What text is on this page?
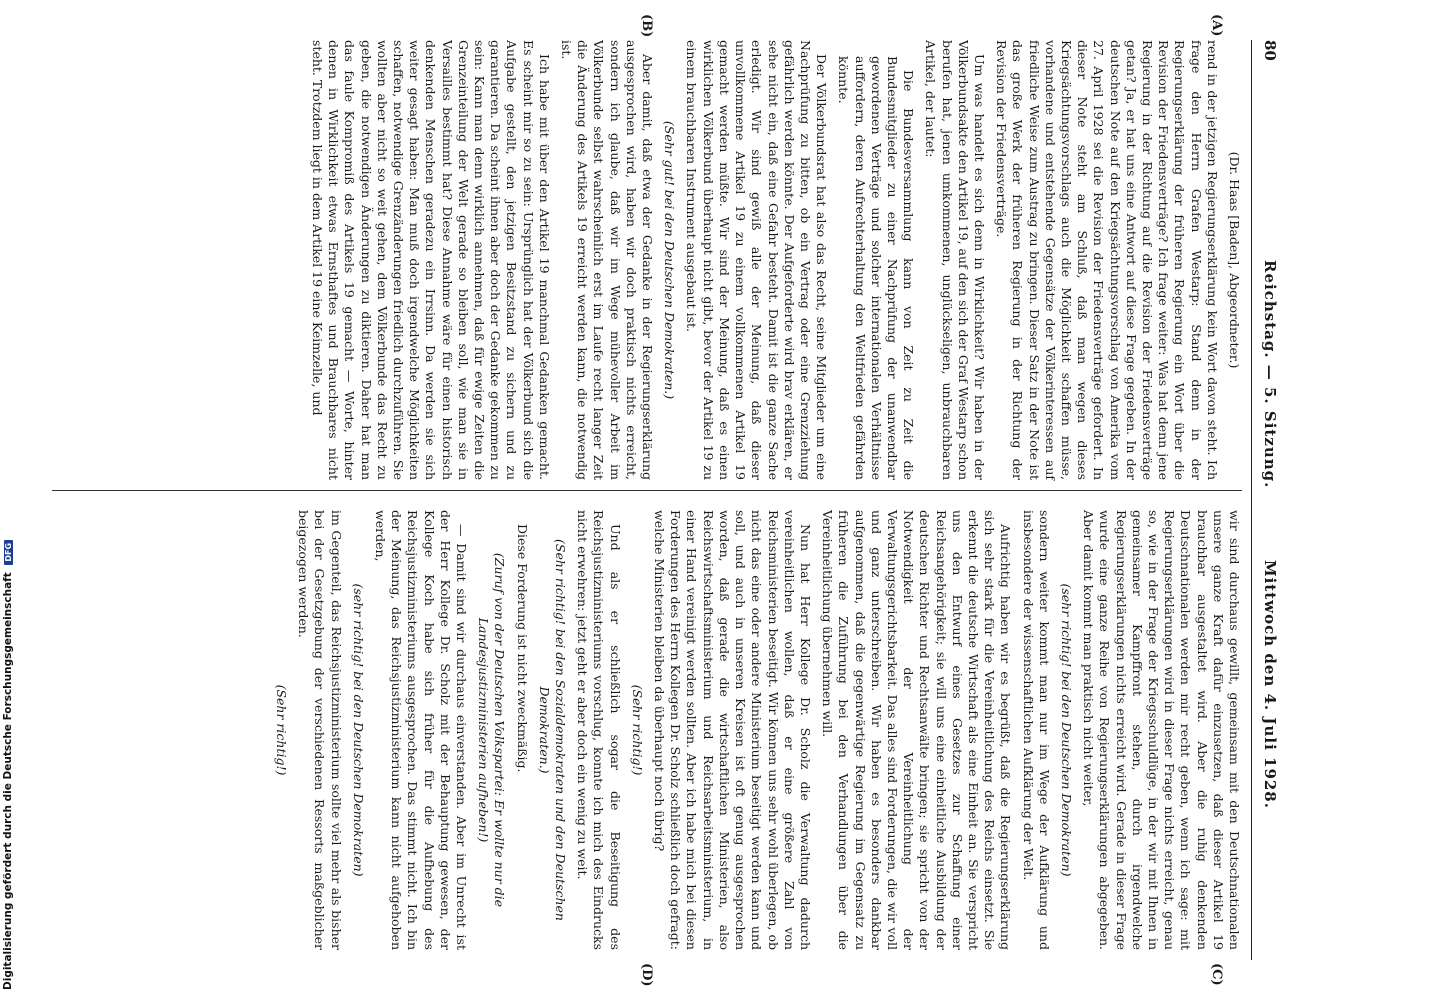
80
Reichstag. — 5. Sitzung.
Mittwoch den 4. Juli 1928.
(A)
(B)
(C)
(D)

(Dr. Haas [Baden], Abgeordneter.)

rend in der jetzigen Regierungserklärung kein Wort davon steht. Ich frage den Herrn Grafen Westarp: Stand denn in der Regierungserklärung der früheren Regierung ein Wort über die Revision der Friedensverträge? Ich frage weiter: Was hat denn jene Regierung in der Richtung auf die Revision der Friedensverträge getan? Ja, er hat uns eine Antwort auf diese Frage gegeben. In der deutschen Note auf den Kriegsächtungsvorschlag von Amerika vom 27. April 1928 sei die Revision der Friedensverträge gefordert. In dieser Note steht am Schluß, daß man wegen dieses Kriegsächtungsvorschlags auch die Möglichkeit schaffen müsse, vorhandene und entstehende Gegensätze der Völkerinteressen auf friedliche Weise zum Austrag zu bringen. Dieser Satz in der Note ist das große Werk der früheren Regierung in der Richtung der Revision der Friedensverträge.

Um was handelt es sich denn in Wirklichkeit? Wir haben in der Völkerbundsakte den Artikel 19, auf den sich der Graf Westarp schon berufen hat, jenen umkommenen, unglückseligen, unbrauchbaren Artikel, der lautet:

Die Bundesversammlung kann von Zeit zu Zeit die Bundesmitglieder zu einer Nachprüfung der unanwendbar gewordenen Verträge und solcher internationalen Verhältnisse auffordern, deren Aufrechterhaltung den Weltfrieden gefährden könnte.

Der Völkerbundsrat hat also das Recht, seine Mitglieder um eine Nachprüfung zu bitten, ob ein Vertrag oder eine Grenzziehung gefährlich werden könnte. Der Aufgeforderte wird brav erklären, er sehe nicht ein, daß eine Gefahr besteht. Damit ist die ganze Sache erledigt. Wir sind gewiß alle der Meinung, daß dieser unvollkommene Artikel 19 zu einem vollkommenen Artikel 19 gemacht werden müßte. Wir sind der Meinung, daß es einen wirklichen Völkerbund überhaupt nicht gibt, bevor der Artikel 19 zu einem brauchbaren Instrument ausgebaut ist.

(Sehr gut! bei den Deutschen Demokraten.)

Aber damit, daß etwa der Gedanke in der Regierungserklärung ausgesprochen wird, haben wir doch praktisch nichts erreicht, sondern ich glaube, daß wir im Wege mühevoller Arbeit im Völkerbunde selbst wahrscheinlich erst im Laufe recht langer Zeit die Änderung des Artikels 19 erreicht werden kann, die notwendig ist.

Ich habe mit über den Artikel 19 manchmal Gedanken gemacht. Es scheint mir so zu sein: Ursprünglich hat der Völkerbund sich die Aufgabe gestellt, den jetzigen Besitzstand zu sichern und zu garantieren. Da scheint ihnen aber doch der Gedanke gekommen zu sein: Kann man denn wirklich annehmen, daß für ewige Zeiten die Grenzeinteilung der Welt gerade so bleiben soll, wie man sie in Versailles bestimmt hat? Diese Annahme wäre für einen historisch denkenden Menschen geradezu ein Irrsinn. Da werden sie sich weiter gesagt haben: Man muß doch irgendwelche Möglichkeiten schaffen, notwendige Grenzänderungen friedlich durchzuführen. Sie wollten aber nicht so weit gehen, dem Völkerbunde das Recht zu geben, die notwendigen Änderungen zu diktieren. Daher hat man das faule Kompromiß des Artikels 19 gemacht — Worte, hinter denen in Wirklichkeit etwas Ernsthaftes und Brauchbares nicht steht. Trotzdem liegt in dem Artikel 19 eine Keimzelle, und

wir sind durchaus gewillt, gemeinsam mit den Deutschnationalen unsere ganze Kraft dafür einzusetzen, daß dieser Artikel 19 brauchbar ausgestaltet wird. Aber die ruhig denkenden Deutschnationalen werden mir recht geben, wenn ich sage: mit Regierungserklärungen wird in dieser Frage nichts erreicht, genau so, wie in der Frage der Kriegsschuldlüge, in der wir mit Ihnen in gemeinsamer Kampffront stehen, durch irgendwelche Regierungserklärungen nichts erreicht wird. Gerade in dieser Frage wurde eine ganze Reihe von Regierungserklärungen abgegeben. Aber damit kommt man praktisch nicht weiter,

(sehr richtig! bei den Deutschen Demokraten)

sondern weiter kommt man nur im Wege der Aufklärung und insbesondere der wissenschaftlichen Aufklärung der Welt.

Aufrichtig haben wir es begrüßt, daß die Regierungserklärung sich sehr stark für die Vereinheitlichung des Reichs einsetzt. Sie erkennt die deutsche Wirtschaft als eine Einheit an. Sie verspricht uns den Entwurf eines Gesetzes zur Schaffung einer Reichsangehörigkeit; sie will uns eine einheitliche Ausbildung der deutschen Richter und Rechtsanwälte bringen; sie spricht von der Notwendigkeit der Vereinheitlichung der Verwaltungsgerichtsbarkeit. Das alles sind Forderungen, die wir voll und ganz unterschreiben. Wir haben es besonders dankbar aufgenommen, daß die gegenwärtige Regierung im Gegensatz zu früheren die Zuführung bei den Verhandlungen über die Vereinheitlichung übernehmen will.

Nun hat Herr Kollege Dr. Scholz die Verwaltung dadurch vereinheitlichen wollen, daß er eine größere Zahl von Reichsministerien beseitigt. Wir können uns sehr wohl überlegen, ob nicht das eine oder andere Ministerium beseitigt werden kann und soll, und auch in unseren Kreisen ist oft genug ausgesprochen worden, daß gerade die wirtschaftlichen Ministerien, also Reichswirtschaftsministerium und Reichsarbeitsministerium, in einer Hand vereinigt werden sollten. Aber ich habe mich bei diesen Forderungen des Herrn Kollegen Dr. Scholz schließlich doch gefragt: welche Ministerien bleiben da überhaupt noch übrig?

(Sehr richtig!)

Und als er schließlich sogar die Beseitigung des Reichsjustizministeriums vorschlug, konnte ich mich des Eindrucks nicht erwehren: jetzt geht er aber doch ein wenig zu weit.

(Sehr richtig! bei den Sozialdemokraten und den Deutschen Demokraten.)

Diese Forderung ist nicht zweckmäßig.

(Zuruf von der Deutschen Volkspartei: Er wollte nur die Landesjustizministerien aufheben!)

— Damit sind wir durchaus einverstanden. Aber im Unrecht ist der Herr Kollege Dr. Scholz mit der Behauptung gewesen, der Kollege Koch habe sich früher für die Aufhebung des Reichsjustizministeriums ausgesprochen. Das stimmt nicht. Ich bin der Meinung, das Reichsjustizministerium kann nicht aufgehoben werden,

(sehr richtig! bei den Deutschen Demokraten)

im Gegenteil, das Reichsjustizministerium sollte viel mehr als bisher bei der Gesetzgebung der verschiedenen Ressorts maßgeblicher beigezogen werden.

(Sehr richtig!)

Digitalisierung gefördert durch die Deutsche Forschungsgemeinschaft DFG
